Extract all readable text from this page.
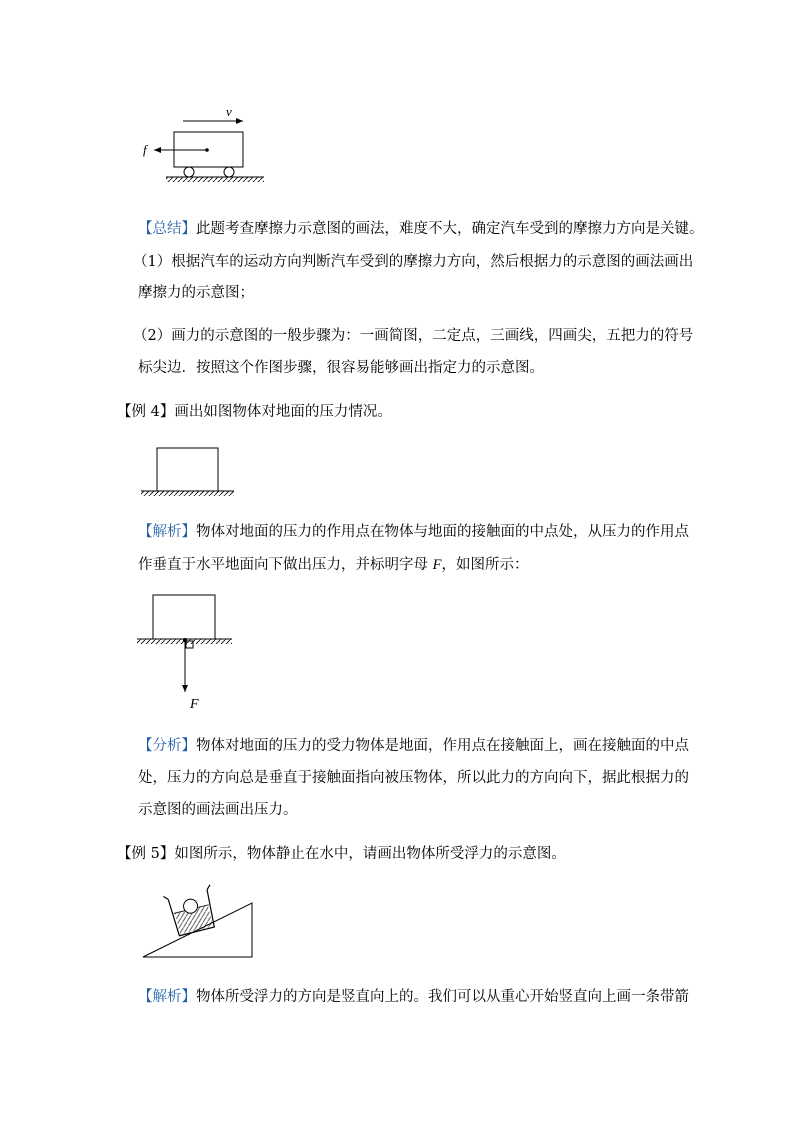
v
f
【总结】此题考查摩擦力示意图的画法，难度不大，确定汽车受到的摩擦力方向是关键。
（1）根据汽车的运动方向判断汽车受到的摩擦力方向，然后根据力的示意图的画法画出
摩擦力的示意图；
（2）画力的示意图的一般步骤为：一画简图，二定点，三画线，四画尖，五把力的符号
标尖边．按照这个作图步骤，很容易能够画出指定力的示意图。
【例 4】画出如图物体对地面的压力情况。
【解析】物体对地面的压力的作用点在物体与地面的接触面的中点处，从压力的作用点
作垂直于水平地面向下做出压力，并标明字母 F，如图所示：
F
【分析】物体对地面的压力的受力物体是地面，作用点在接触面上，画在接触面的中点
处，压力的方向总是垂直于接触面指向被压物体，所以此力的方向向下，据此根据力的
示意图的画法画出压力。
【例 5】如图所示，物体静止在水中，请画出物体所受浮力的示意图。
【解析】物体所受浮力的方向是竖直向上的。我们可以从重心开始竖直向上画一条带箭
